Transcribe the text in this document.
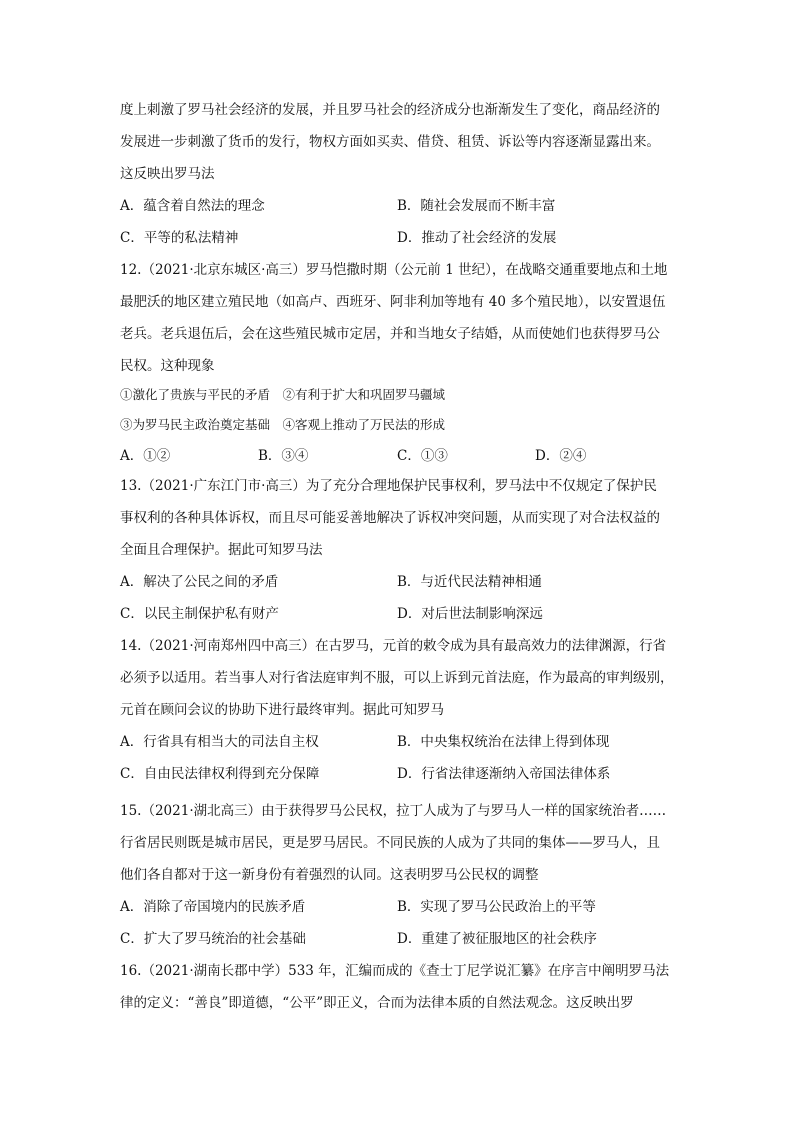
度上刺激了罗马社会经济的发展，并且罗马社会的经济成分也渐渐发生了变化，商品经济的
发展进一步刺激了货币的发行，物权方面如买卖、借贷、租赁、诉讼等内容逐渐显露出来。
这反映出罗马法
A．蕴含着自然法的理念	B．随社会发展而不断丰富
C．平等的私法精神	D．推动了社会经济的发展
12.（2021·北京东城区·高三）罗马恺撒时期（公元前 1 世纪），在战略交通重要地点和土地
最肥沃的地区建立殖民地（如高卢、西班牙、阿非利加等地有 40 多个殖民地），以安置退伍
老兵。老兵退伍后，会在这些殖民城市定居，并和当地女子结婚，从而使她们也获得罗马公
民权。这种现象
①激化了贵族与平民的矛盾　②有利于扩大和巩固罗马疆域
③为罗马民主政治奠定基础　④客观上推动了万民法的形成
A．①②	B．③④	C．①③	D．②④
13.（2021·广东江门市·高三）为了充分合理地保护民事权利，罗马法中不仅规定了保护民
事权利的各种具体诉权，而且尽可能妥善地解决了诉权冲突问题，从而实现了对合法权益的
全面且合理保护。据此可知罗马法
A．解决了公民之间的矛盾	B．与近代民法精神相通
C．以民主制保护私有财产	D．对后世法制影响深远
14.（2021·河南郑州四中高三）在古罗马，元首的敕令成为具有最高效力的法律渊源，行省
必须予以适用。若当事人对行省法庭审判不服，可以上诉到元首法庭，作为最高的审判级别，
元首在顾问会议的协助下进行最终审判。据此可知罗马
A．行省具有相当大的司法自主权	B．中央集权统治在法律上得到体现
C．自由民法律权利得到充分保障	D．行省法律逐渐纳入帝国法律体系
15.（2021·湖北高三）由于获得罗马公民权，拉丁人成为了与罗马人一样的国家统治者……
行省居民则既是城市居民，更是罗马居民。不同民族的人成为了共同的集体——罗马人，且
他们各自都对于这一新身份有着强烈的认同。这表明罗马公民权的调整
A．消除了帝国境内的民族矛盾	B．实现了罗马公民政治上的平等
C．扩大了罗马统治的社会基础	D．重建了被征服地区的社会秩序
16.（2021·湖南长郡中学）533 年，汇编而成的《查士丁尼学说汇纂》在序言中阐明罗马法
律的定义：“善良”即道德，“公平”即正义，合而为法律本质的自然法观念。这反映出罗
